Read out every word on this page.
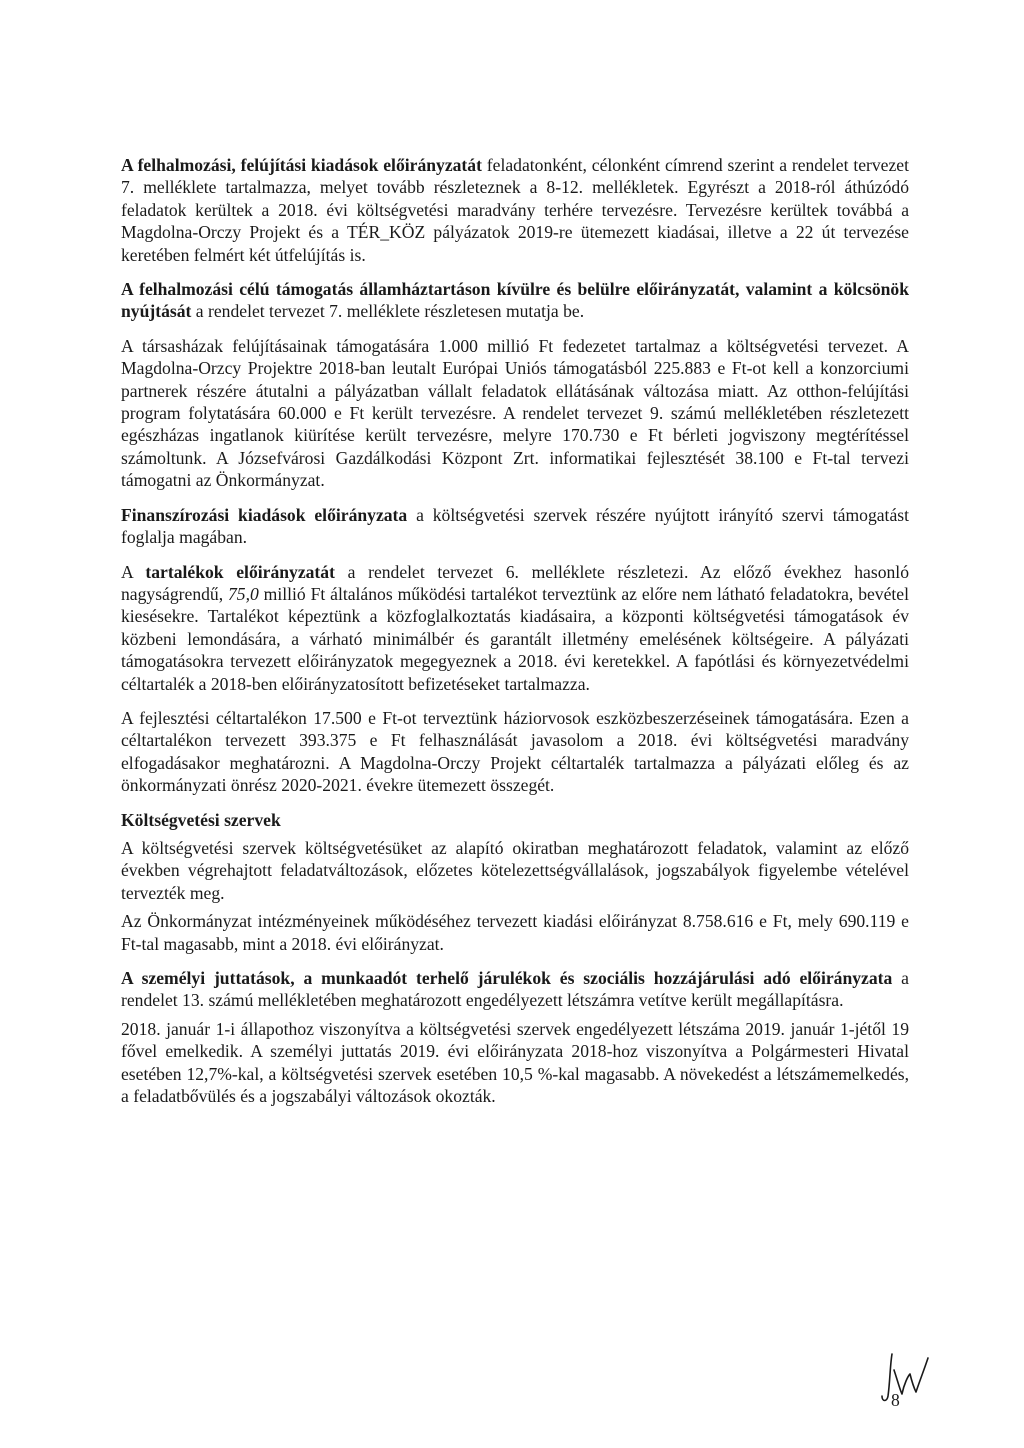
A felhalmozási, felújítási kiadások előirányzatát feladatonként, célonként címrend szerint a rendelet tervezet 7. melléklete tartalmazza, melyet tovább részleteznek a 8-12. mellékletek. Egyrészt a 2018-ról áthúzódó feladatok kerültek a 2018. évi költségvetési maradvány terhére tervezésre. Tervezésre kerültek továbbá a Magdolna-Orczy Projekt és a TÉR_KÖZ pályázatok 2019-re ütemezett kiadásai, illetve a 22 út tervezése keretében felmért két útfelújítás is.

A felhalmozási célú támogatás államháztartáson kívülre és belülre előirányzatát, valamint a kölcsönök nyújtását a rendelet tervezet 7. melléklete részletesen mutatja be.

A társasházak felújításainak támogatására 1.000 millió Ft fedezetet tartalmaz a költségvetési tervezet. A Magdolna-Orzcy Projektre 2018-ban leutalt Európai Uniós támogatásból 225.883 e Ft-ot kell a konzorciumi partnerek részére átutalni a pályázatban vállalt feladatok ellátásának változása miatt. Az otthon-felújítási program folytatására 60.000 e Ft került tervezésre. A rendelet tervezet 9. számú mellékletében részletezett egészházas ingatlanok kiürítése került tervezésre, melyre 170.730 e Ft bérleti jogviszony megtérítéssel számoltunk. A Józsefvárosi Gazdálkodási Központ Zrt. informatikai fejlesztését 38.100 e Ft-tal tervezi támogatni az Önkormányzat.

Finanszírozási kiadások előirányzata a költségvetési szervek részére nyújtott irányító szervi támogatást foglalja magában.

A tartalékok előirányzatát a rendelet tervezet 6. melléklete részletezi. Az előző évekhez hasonló nagyságrendű, 75,0 millió Ft általános működési tartalékot terveztünk az előre nem látható feladatokra, bevétel kiesésekre. Tartalékot képeztünk a közfoglalkoztatás kiadásaira, a központi költségvetési támogatások év közbeni lemondására, a várható minimálbér és garantált illetmény emelésének költségeire. A pályázati támogatásokra tervezett előirányzatok megegyeznek a 2018. évi keretekkel. A fapótlási és környezetvédelmi céltartalék a 2018-ben előirányzatosított befizetéseket tartalmazza.

A fejlesztési céltartalékon 17.500 e Ft-ot terveztünk háziorvosok eszközbeszerzéseinek támogatására. Ezen a céltartalékon tervezett 393.375 e Ft felhasználását javasolom a 2018. évi költségvetési maradvány elfogadásakor meghatározni. A Magdolna-Orczy Projekt céltartalék tartalmazza a pályázati előleg és az önkormányzati önrész 2020-2021. évekre ütemezett összegét.

Költségvetési szervek

A költségvetési szervek költségvetésüket az alapító okiratban meghatározott feladatok, valamint az előző években végrehajtott feladatváltozások, előzetes kötelezettségvállalások, jogszabályok figyelembe vételével tervezték meg.

Az Önkormányzat intézményeinek működéséhez tervezett kiadási előirányzat 8.758.616 e Ft, mely 690.119 e Ft-tal magasabb, mint a 2018. évi előirányzat.

A személyi juttatások, a munkaadót terhelő járulékok és szociális hozzájárulási adó előirányzata a rendelet 13. számú mellékletében meghatározott engedélyezett létszámra vetítve került megállapításra.

2018. január 1-i állapothoz viszonyítva a költségvetési szervek engedélyezett létszáma 2019. január 1-jétől 19 fővel emelkedik. A személyi juttatás 2019. évi előirányzata 2018-hoz viszonyítva a Polgármesteri Hivatal esetében 12,7%-kal, a költségvetési szervek esetében 10,5 %-kal magasabb. A növekedést a létszámemelkedés, a feladatbővülés és a jogszabályi változások okozták.

8
